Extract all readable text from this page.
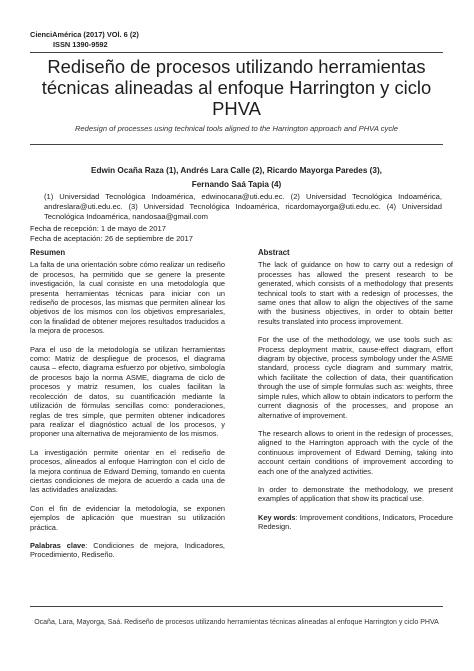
CienciAmérica (2017) VOl. 6 (2)
ISSN 1390-9592
Rediseño de procesos utilizando herramientas técnicas alineadas al enfoque Harrington y ciclo PHVA
Redesign of processes using technical tools aligned to the Harrington approach and PHVA cycle
Edwin Ocaña Raza (1), Andrés Lara Calle (2), Ricardo Mayorga Paredes (3),
Fernando Saá Tapia (4)
(1) Universidad Tecnológica Indoamérica, edwinocana@uti.edu.ec. (2) Universidad Tecnológica Indoamérica, andreslara@uti.edu.ec. (3) Universidad Tecnológica Indoamérica, ricardomayorga@uti.edu.ec. (4) Universidad Tecnológica Indoamérica, nandosaa@gmail.com
Fecha de recepción: 1 de mayo de 2017
Fecha de aceptación: 26 de septiembre de 2017
Resumen

La falta de una orientación sobre cómo realizar un rediseño de procesos, ha permitido que se genere la presente investigación, la cual consiste en una metodología que presenta herramientas técnicas para iniciar con un rediseño de procesos, las mismas que permiten alinear los objetivos de los mismos con los objetivos empresariales, con la finalidad de obtener mejores resultados traducidos a la mejora de procesos.

Para el uso de la metodología se utilizan herramientas como: Matriz de despliegue de procesos, el diagrama causa – efecto, diagrama esfuerzo por objetivo, simbología de procesos bajo la norma ASME, diagrama de ciclo de procesos y matriz resumen, los cuales facilitan la recolección de datos, su cuantificación mediante la utilización de fórmulas sencillas como: ponderaciones, reglas de tres simple, que permiten obtener indicadores para realizar el diagnóstico actual de los procesos, y proponer una alternativa de mejoramiento de los mismos.

La investigación permite orientar en el rediseño de procesos, alineados al enfoque Harrington con el ciclo de la mejora continua de Edward Deming, tomando en cuenta ciertas condiciones de mejora de acuerdo a cada una de las actividades analizadas.

Con el fin de evidenciar la metodología, se exponen ejemplos de aplicación que muestran su utilización práctica.

Palabras clave: Condiciones de mejora, Indicadores, Procedimiento, Rediseño.

Abstract

The lack of guidance on how to carry out a redesign of processes has allowed the present research to be generated, which consists of a methodology that presents technical tools to start with a redesign of processes, the same ones that allow to align the objectives of the same with the business objectives, in order to obtain better results translated into process improvement.

For the use of the methodology, we use tools such as: Process deployment matrix, cause-effect diagram, effort diagram by objective, process symbology under the ASME standard, process cycle diagram and summary matrix, which facilitate the collection of data, their quantification through the use of simple formulas such as: weights, three simple rules, which allow to obtain indicators to perform the current diagnosis of the processes, and propose an alternative of improvement.

The research allows to orient in the redesign of processes, aligned to the Harrington approach with the cycle of the continuous improvement of Edward Deming, taking into account certain conditions of improvement according to each one of the analyzed activities.

In order to demonstrate the methodology, we present examples of application that show its practical use.

Key words: Improvement conditions, Indicators, Procedure Redesign.

Ocaña, Lara, Mayorga, Saá. Rediseño de procesos utilizando herramientas técnicas alineadas al enfoque Harrington y ciclo PHVA
